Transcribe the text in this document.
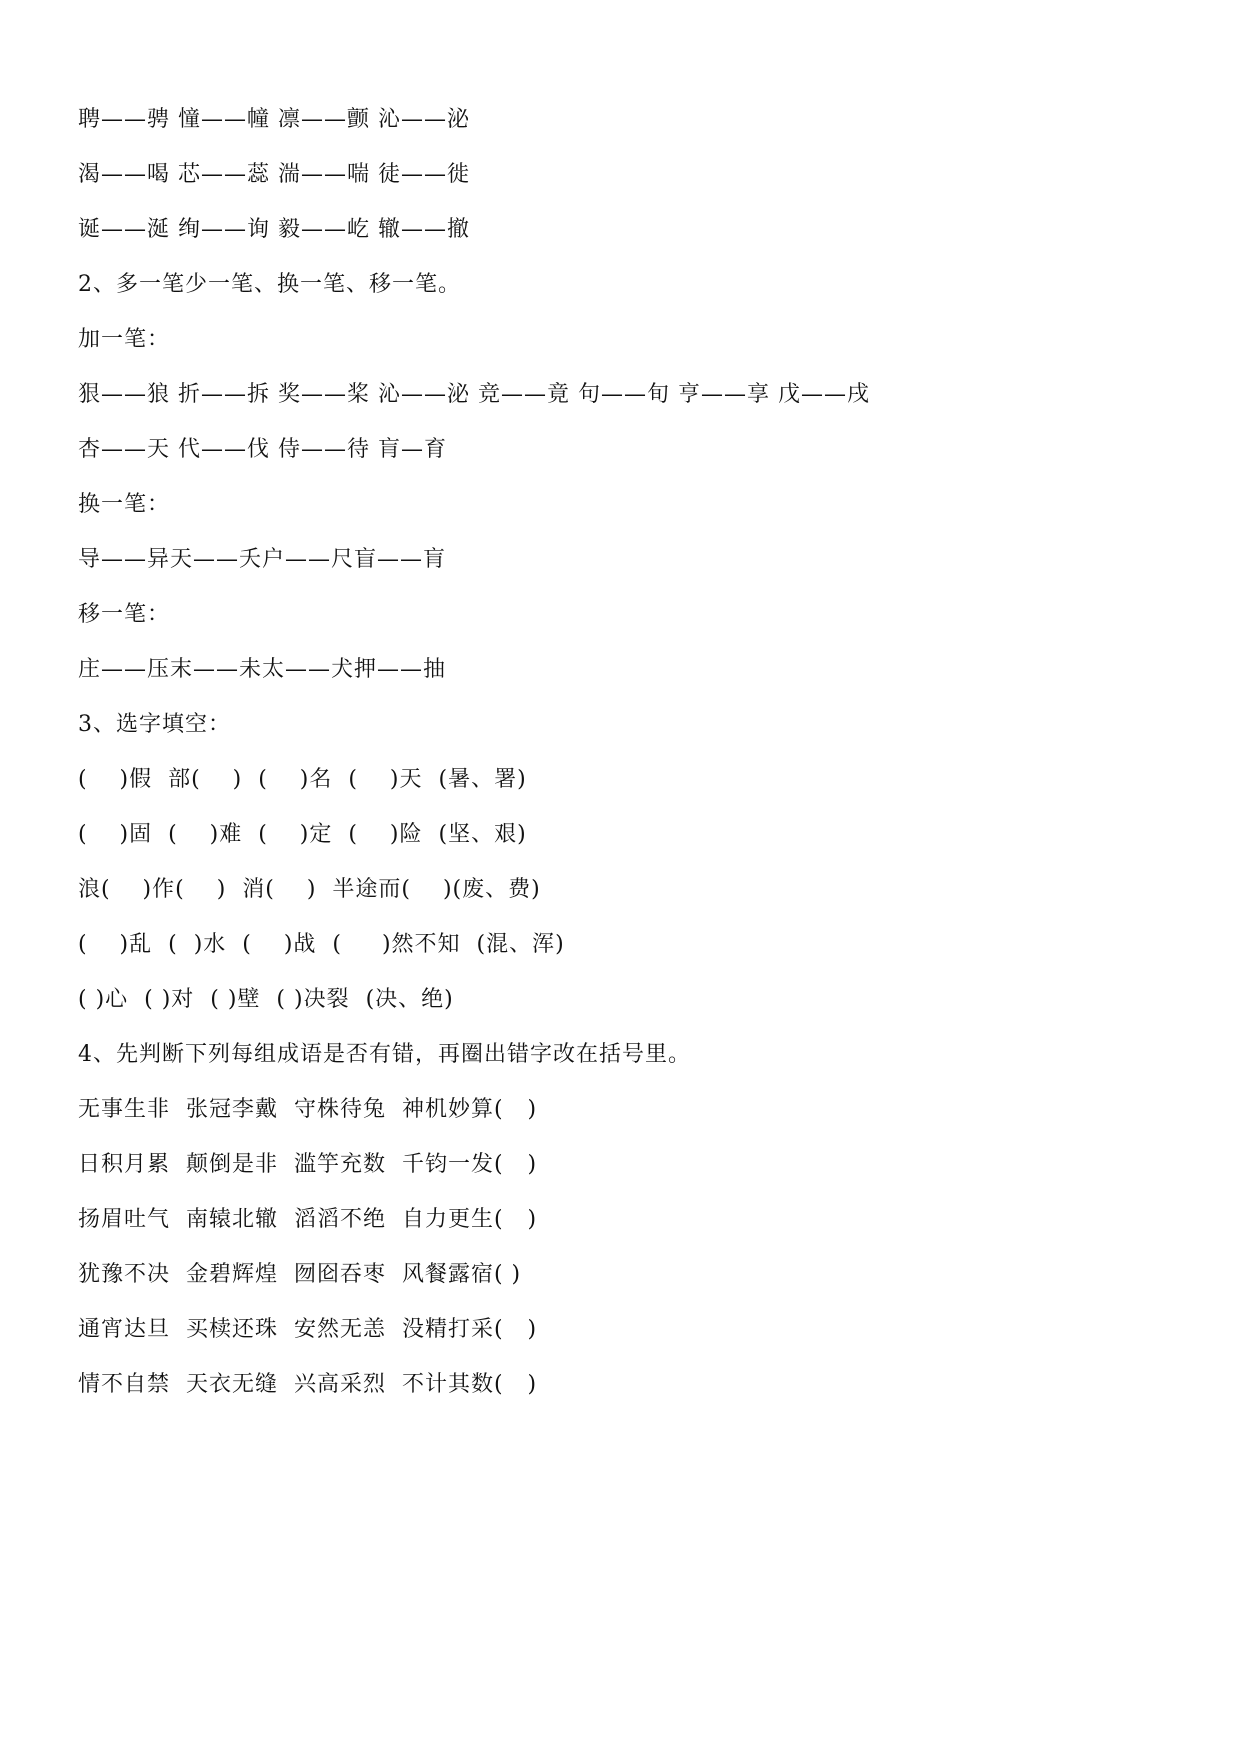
聘——骋 憧——幢 凛——颤 沁——泌
渴——喝 芯——蕊 湍——喘 徒——徙
诞——涎 绚——询 毅——屹 辙——撤
2、多一笔少一笔、换一笔、移一笔。
加一笔：
狠——狼 折——拆 奖——桨 沁——泌 竞——竟 句——旬 亨——享 戊——戌
杏——天 代——伐 侍——待 肓—育
换一笔：
导——异天——夭户——尺盲——肓
移一笔：
庄——压末——未太——犬押——抽
3、选字填空：
(    )假  部(    )  (    )名  (    )天  (暑、署)
(    )固  (    )难  (    )定  (    )险  (坚、艰)
浪(    )作(    )  消(    )  半途而(    )(废、费)
(    )乱  (  )水  (    )战  (     )然不知  (混、浑)
( )心  ( )对  ( )壁  ( )决裂  (决、绝)
4、先判断下列每组成语是否有错，再圈出错字改在括号里。
无事生非  张冠李戴  守株待兔  神机妙算(   )
日积月累  颠倒是非  滥竽充数  千钧一发(   )
扬眉吐气  南辕北辙  滔滔不绝  自力更生(   )
犹豫不决  金碧辉煌  囫囵吞枣  风餐露宿( )
通宵达旦  买椟还珠  安然无恙  没精打采(   )
情不自禁  天衣无缝  兴高采烈  不计其数(   )
